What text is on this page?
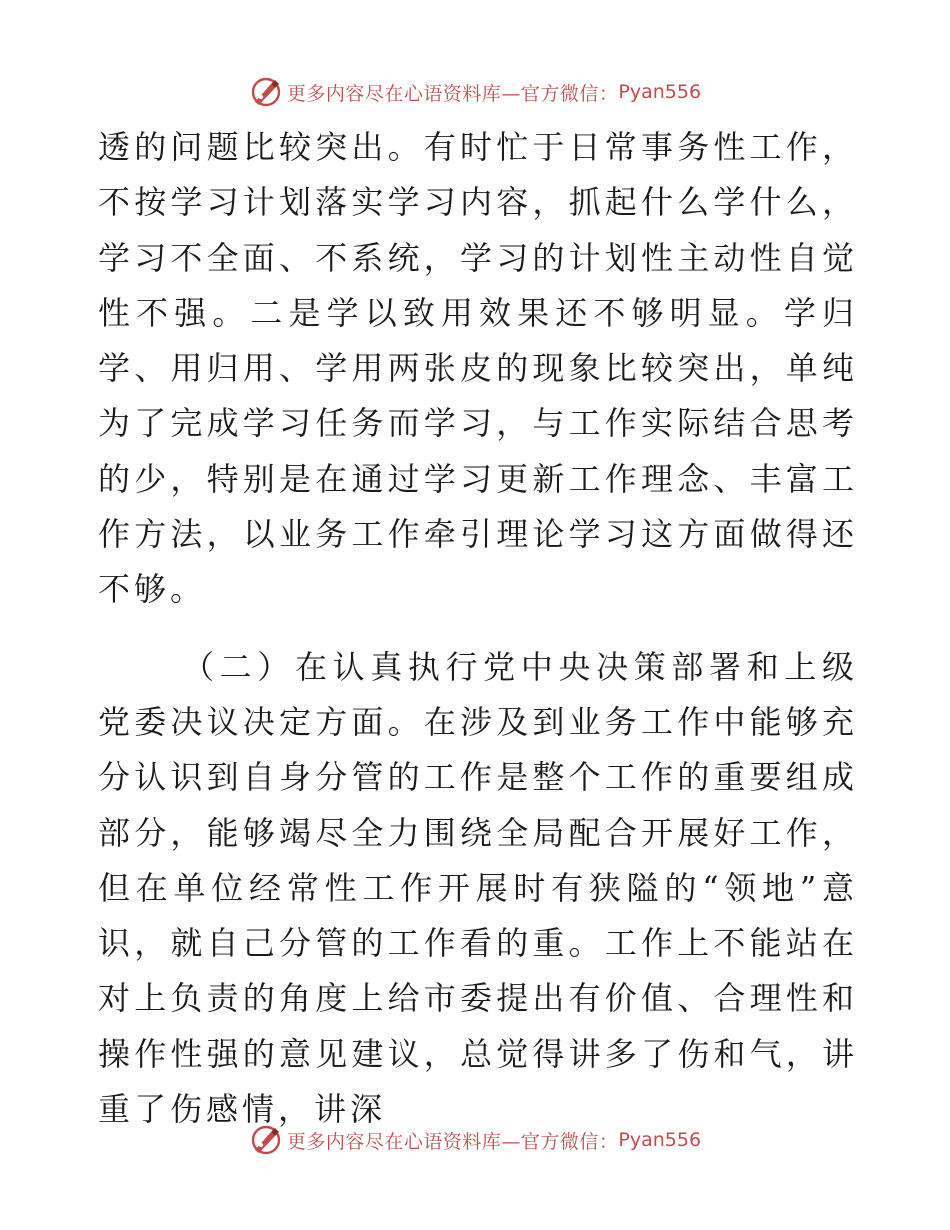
更多内容尽在心语资料库—官方微信： Pyan556

透的问题比较突出。有时忙于日常事务性工作，不按学习计划落实学习内容，抓起什么学什么，学习不全面、不系统，学习的计划性主动性自觉性不强。二是学以致用效果还不够明显。学归学、用归用、学用两张皮的现象比较突出，单纯为了完成学习任务而学习，与工作实际结合思考的少，特别是在通过学习更新工作理念、丰富工作方法，以业务工作牵引理论学习这方面做得还不够。

（二）在认真执行党中央决策部署和上级党委决议决定方面。在涉及到业务工作中能够充分认识到自身分管的工作是整个工作的重要组成部分，能够竭尽全力围绕全局配合开展好工作，但在单位经常性工作开展时有狭隘的“领地”意识，就自己分管的工作看的重。工作上不能站在对上负责的角度上给市委提出有价值、合理性和操作性强的意见建议，总觉得讲多了伤和气，讲重了伤感情，讲深

更多内容尽在心语资料库—官方微信： Pyan556
